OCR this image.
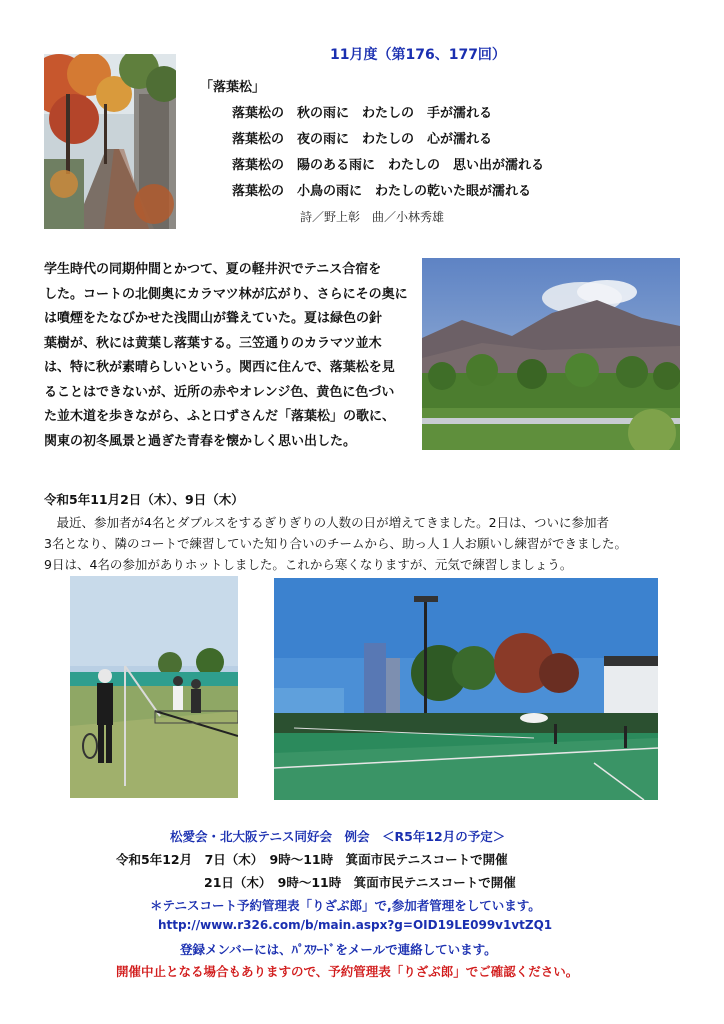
11月度（第176、177回）
「落葉松」
落葉松の　秋の雨に　わたしの　手が濡れる
落葉松の　夜の雨に　わたしの　心が濡れる
落葉松の　陽のある雨に　わたしの　思い出が濡れる
落葉松の　小鳥の雨に　わたしの乾いた眼が濡れる
詩／野上彰　曲／小林秀雄
学生時代の同期仲間とかつて、夏の軽井沢でテニス合宿を
した。コートの北側奥にカラマツ林が広がり、さらにその奥に
は噴煙をたなびかせた浅間山が聳えていた。夏は緑色の針
葉樹が、秋には黄葉し落葉する。三笠通りのカラマツ並木
は、特に秋が素晴らしいという。関西に住んで、落葉松を見
ることはできないが、近所の赤やオレンジ色、黄色に色づい
た並木道を歩きながら、ふと口ずさんだ「落葉松」の歌に、
関東の初冬風景と過ぎた青春を懐かしく思い出した。
令和5年11月2日（木）、9日（木）
　最近、参加者が4名とダブルスをするぎりぎりの人数の日が増えてきました。2日は、ついに参加者
3名となり、隣のコートで練習していた知り合いのチームから、助っ人１人お願いし練習ができました。
9日は、4名の参加がありホットしました。これから寒くなりますが、元気で練習しましょう。
松愛会・北大阪テニス同好会　例会　＜R5年12月の予定＞
令和5年12月　7日（木）　9時～11時　箕面市民テニスコートで開催
21日（木）　9時～11時　箕面市民テニスコートで開催
＊テニスコート予約管理表「りざぶ郎」で,参加者管理をしています。
http://www.r326.com/b/main.aspx?g=OID19LE099v1vtZQ1
登録メンバーには、ﾊﾟｽﾜｰﾄﾞをメールで連絡しています。
開催中止となる場合もありますので、予約管理表「りざぶ郎」でご確認ください。
